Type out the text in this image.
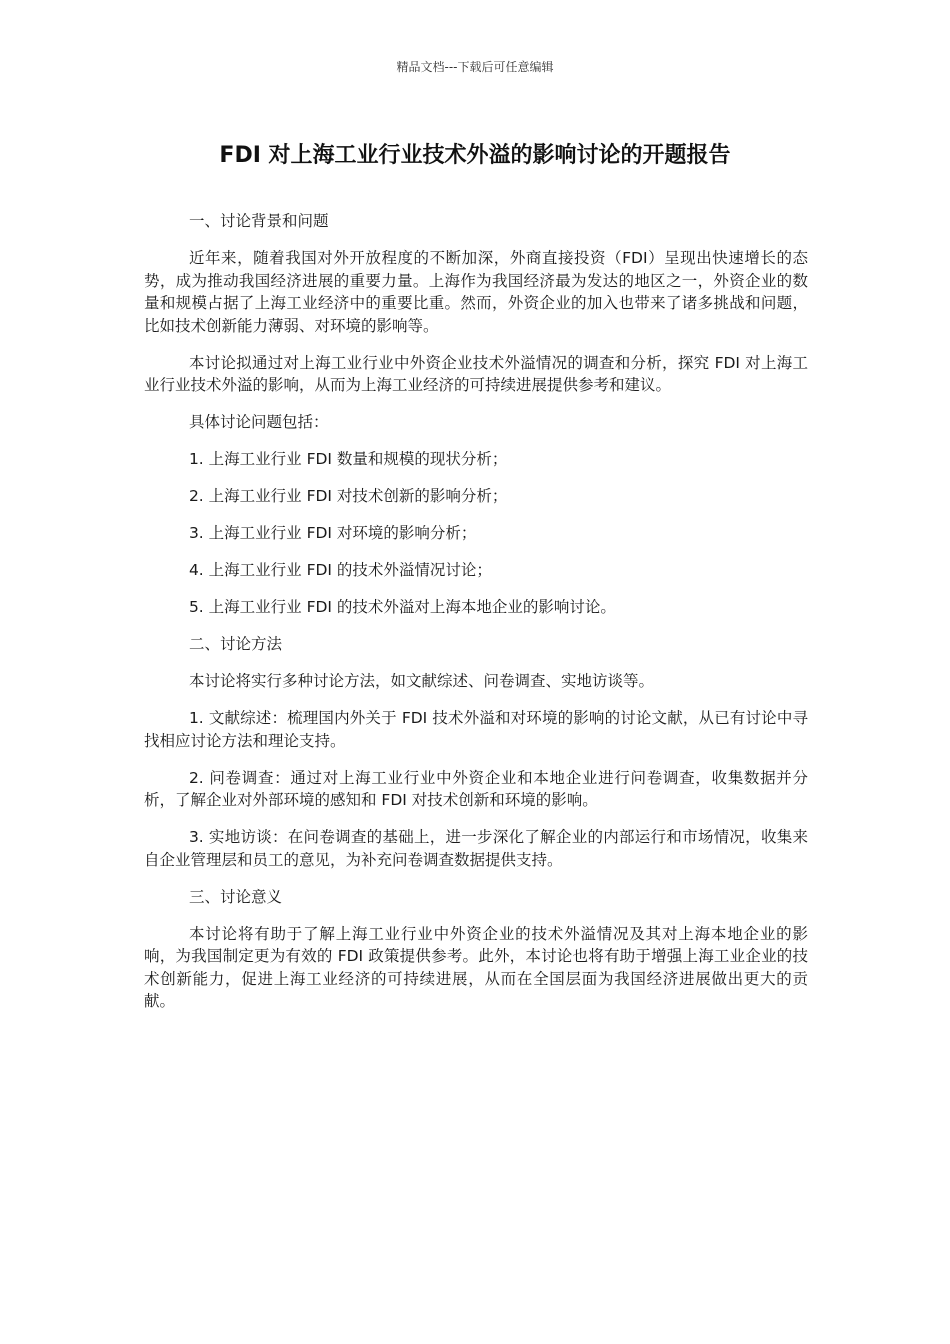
精品文档---下载后可任意编辑
FDI 对上海工业行业技术外溢的影响讨论的开题报告

一、讨论背景和问题

近年来，随着我国对外开放程度的不断加深，外商直接投资（FDI）呈现出快速增长的态势，成为推动我国经济进展的重要力量。上海作为我国经济最为发达的地区之一，外资企业的数量和规模占据了上海工业经济中的重要比重。然而，外资企业的加入也带来了诸多挑战和问题，比如技术创新能力薄弱、对环境的影响等。

本讨论拟通过对上海工业行业中外资企业技术外溢情况的调查和分析，探究 FDI 对上海工业行业技术外溢的影响，从而为上海工业经济的可持续进展提供参考和建议。

具体讨论问题包括：

1. 上海工业行业 FDI 数量和规模的现状分析；

2. 上海工业行业 FDI 对技术创新的影响分析；

3. 上海工业行业 FDI 对环境的影响分析；

4. 上海工业行业 FDI 的技术外溢情况讨论；

5. 上海工业行业 FDI 的技术外溢对上海本地企业的影响讨论。

二、讨论方法

本讨论将实行多种讨论方法，如文献综述、问卷调查、实地访谈等。

1. 文献综述：梳理国内外关于 FDI 技术外溢和对环境的影响的讨论文献，从已有讨论中寻找相应讨论方法和理论支持。

2. 问卷调查：通过对上海工业行业中外资企业和本地企业进行问卷调查，收集数据并分析，了解企业对外部环境的感知和 FDI 对技术创新和环境的影响。

3. 实地访谈：在问卷调查的基础上，进一步深化了解企业的内部运行和市场情况，收集来自企业管理层和员工的意见，为补充问卷调查数据提供支持。

三、讨论意义

本讨论将有助于了解上海工业行业中外资企业的技术外溢情况及其对上海本地企业的影响，为我国制定更为有效的 FDI 政策提供参考。此外，本讨论也将有助于增强上海工业企业的技术创新能力，促进上海工业经济的可持续进展，从而在全国层面为我国经济进展做出更大的贡献。
